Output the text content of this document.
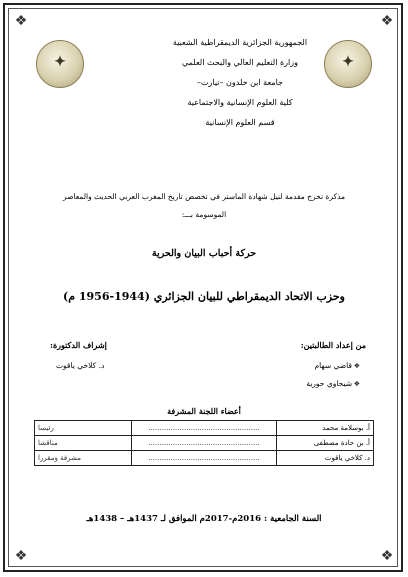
❖	❖
❖	❖
✦	✦
الجمهورية الجزائرية الديمقراطية الشعبية
وزارة التعليم العالي والبحث العلمي
جامعة ابن خلدون –تيارت–
كلية العلوم الإنسانية والاجتماعية
قسم العلوم الإنسانية
مذكرة تخرج مقدمة لنيل شهادة الماستر في تخصص تاريخ المغرب العربي الحديث والمعاصر
الموسومة بـــ:
حركة أحباب البيان والحرية
وحزب الاتحاد الديمقراطي للبيان الجزائري (1944-1956 م)
من إعداد الطالبتين:
إشراف الدكتورة:
❖
قاضي سهام
د. كلاخي ياقوت
❖
شيحاوي حورية
أعضاء اللجنة المشرفة
أ. بوسلامة محمد	..................................................	رئيسا
أ. بن حادة مصطفى	..................................................	مناقشا
د. كلاخي ياقوت	..................................................	مشرفة ومقررا
السنة الجامعية : 2016م-2017م الموافق لـ 1437هـ – 1438هـ
